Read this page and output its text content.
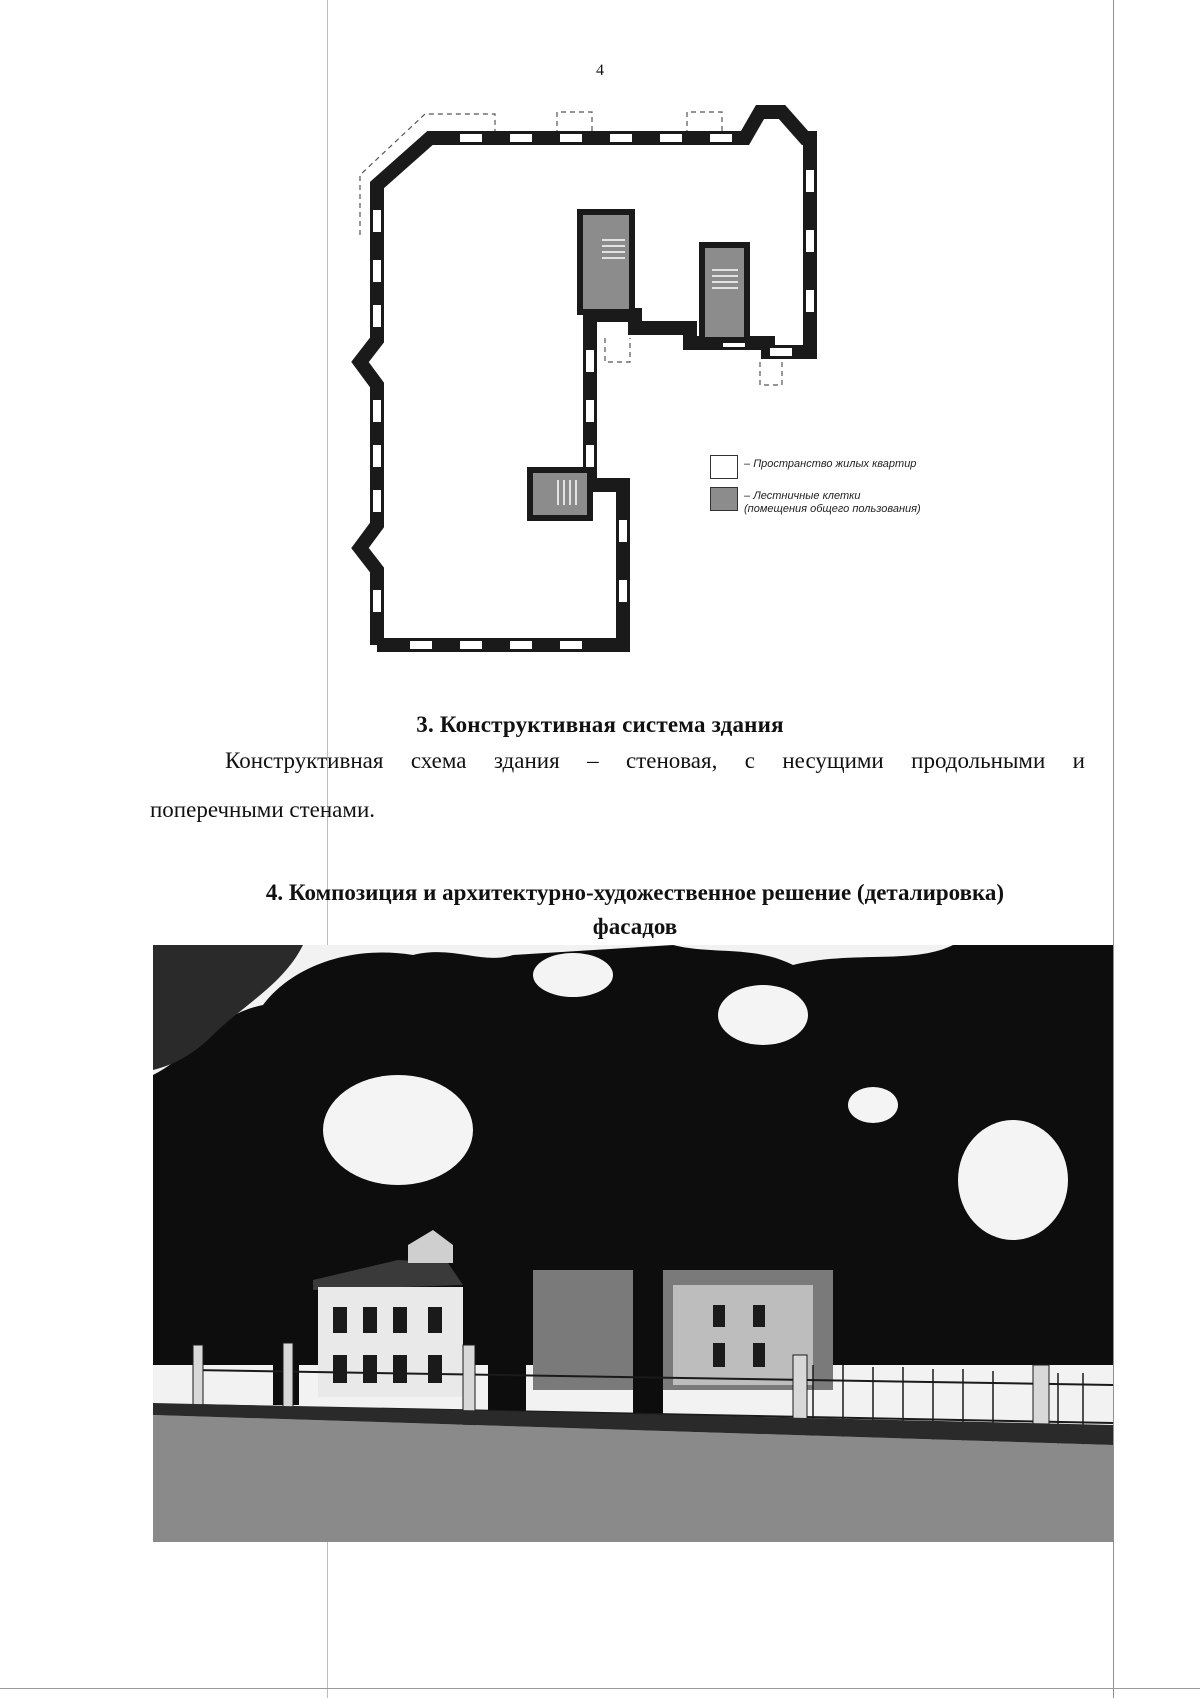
4
– Пространство жилых квартир
– Лестничные клетки
(помещения общего пользования)
3. Конструктивная система здания
Конструктивная схема здания – стеновая, с несущими продольными и
поперечными стенами.
4. Композиция и архитектурно-художественное решение (деталировка)
фасадов
